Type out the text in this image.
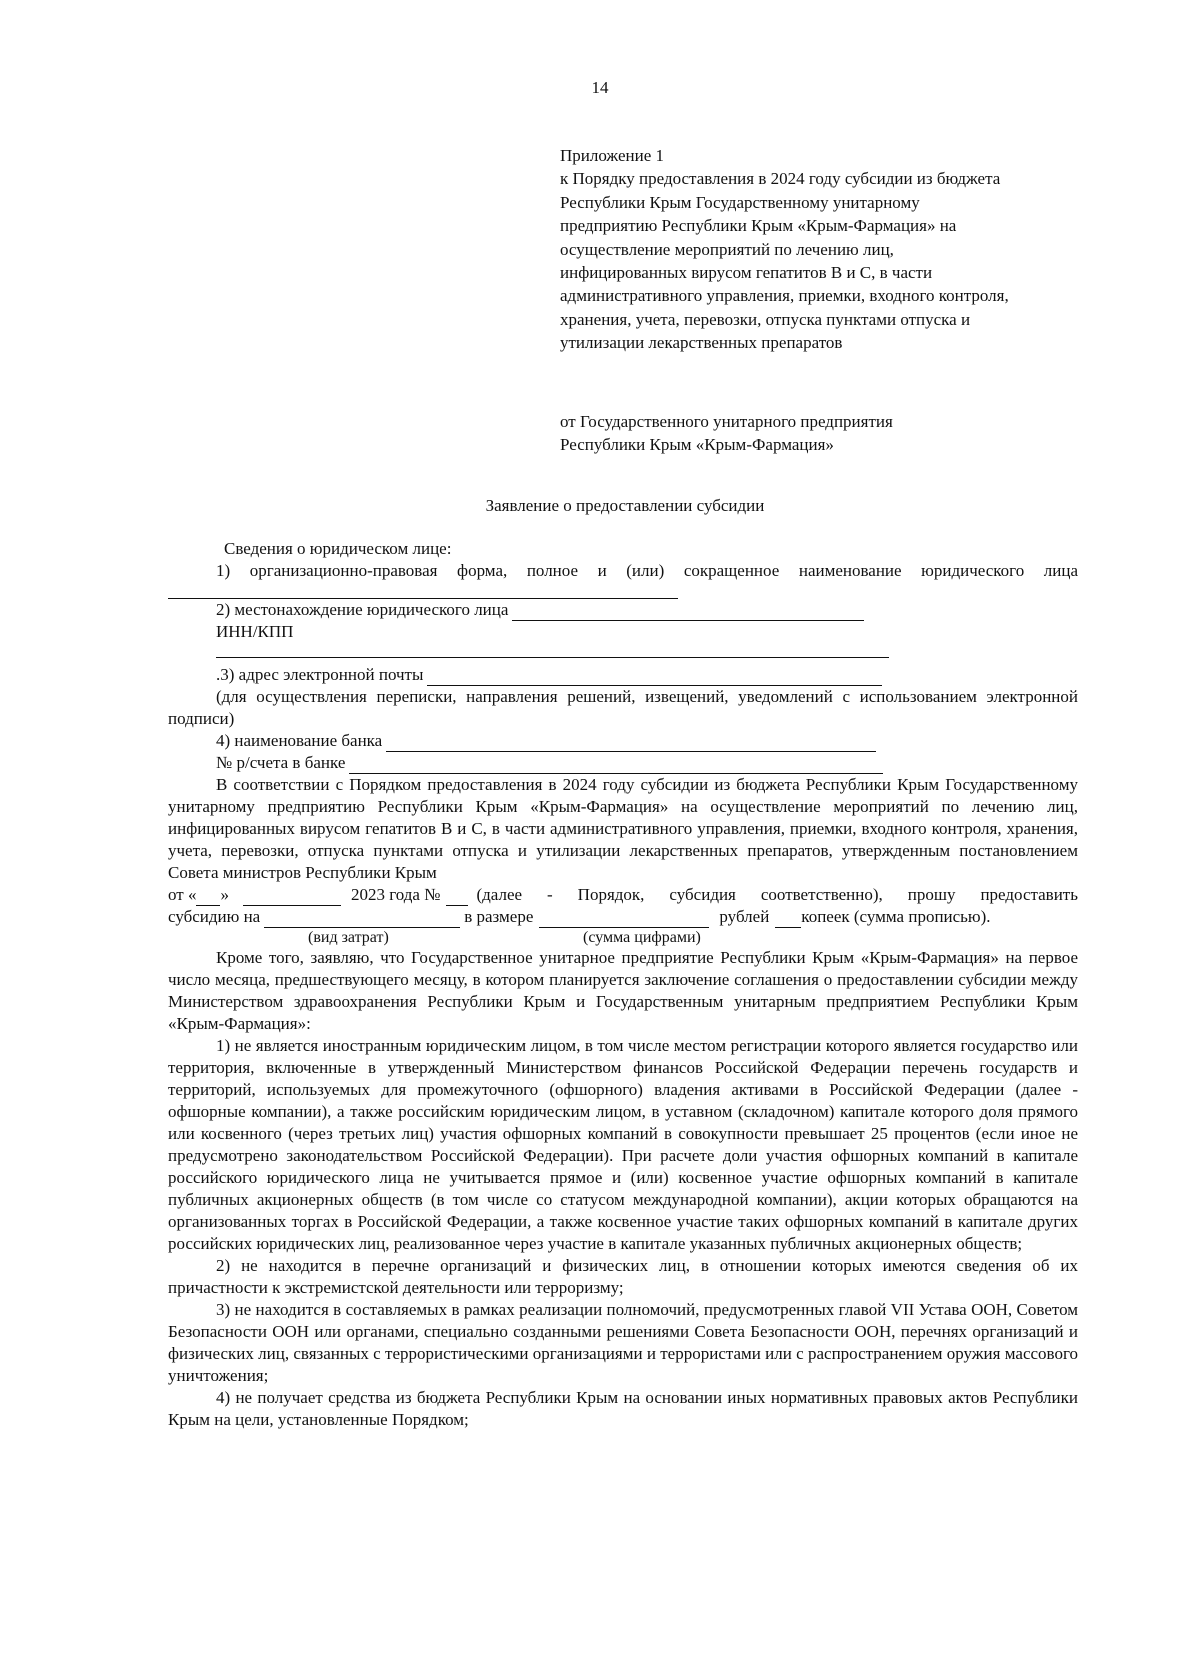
14
Приложение 1
к Порядку предоставления в 2024 году субсидии из бюджета
Республики Крым Государственному унитарному
предприятию Республики Крым «Крым-Фармация» на
осуществление мероприятий по лечению лиц,
инфицированных вирусом гепатитов В и С, в части
административного управления, приемки, входного контроля,
хранения, учета, перевозки, отпуска пунктами отпуска и
утилизации лекарственных препаратов
от Государственного унитарного предприятия
Республики Крым «Крым-Фармация»
Заявление о предоставлении субсидии

Сведения о юридическом лице:

1) организационно-правовая форма, полное и (или) сокращенное наименование юридического лица

2) местонахождение юридического лица

ИНН/КПП

.3) адрес электронной почты

(для осуществления переписки, направления решений, извещений, уведомлений с использованием электронной подписи)

4) наименование банка
№ р/счета в банке

В соответствии с Порядком предоставления в 2024 году субсидии из бюджета Республики Крым Государственному унитарному предприятию Республики Крым «Крым-Фармация» на осуществление мероприятий по лечению лиц, инфицированных вирусом гепатитов В и С, в части административного управления, приемки, входного контроля, хранения, учета, перевозки, отпуска пунктами отпуска и утилизации лекарственных препаратов, утвержденным постановлением Совета министров Республики Крым

от « »	2023 года № (далее - Порядок, субсидия соответственно), прошу предоставить
субсидию на	в размере	рублей копеек (сумма прописью).
(вид затрат)	(сумма цифрами)

Кроме того, заявляю, что Государственное унитарное предприятие Республики Крым «Крым-Фармация» на первое число месяца, предшествующего месяцу, в котором планируется заключение соглашения о предоставлении субсидии между Министерством здравоохранения Республики Крым и Государственным унитарным предприятием Республики Крым «Крым-Фармация»:

1) не является иностранным юридическим лицом, в том числе местом регистрации которого является государство или территория, включенные в утвержденный Министерством финансов Российской Федерации перечень государств и территорий, используемых для промежуточного (офшорного) владения активами в Российской Федерации (далее - офшорные компании), а также российским юридическим лицом, в уставном (складочном) капитале которого доля прямого или косвенного (через третьих лиц) участия офшорных компаний в совокупности превышает 25 процентов (если иное не предусмотрено законодательством Российской Федерации). При расчете доли участия офшорных компаний в капитале российского юридического лица не учитывается прямое и (или) косвенное участие офшорных компаний в капитале публичных акционерных обществ (в том числе со статусом международной компании), акции которых обращаются на организованных торгах в Российской Федерации, а также косвенное участие таких офшорных компаний в капитале других российских юридических лиц, реализованное через участие в капитале указанных публичных акционерных обществ;

2) не находится в перечне организаций и физических лиц, в отношении которых имеются сведения об их причастности к экстремистской деятельности или терроризму;

3) не находится в составляемых в рамках реализации полномочий, предусмотренных главой VII Устава ООН, Советом Безопасности ООН или органами, специально созданными решениями Совета Безопасности ООН, перечнях организаций и физических лиц, связанных с террористическими организациями и террористами или с распространением оружия массового уничтожения;

4) не получает средства из бюджета Республики Крым на основании иных нормативных правовых актов Республики Крым на цели, установленные Порядком;
